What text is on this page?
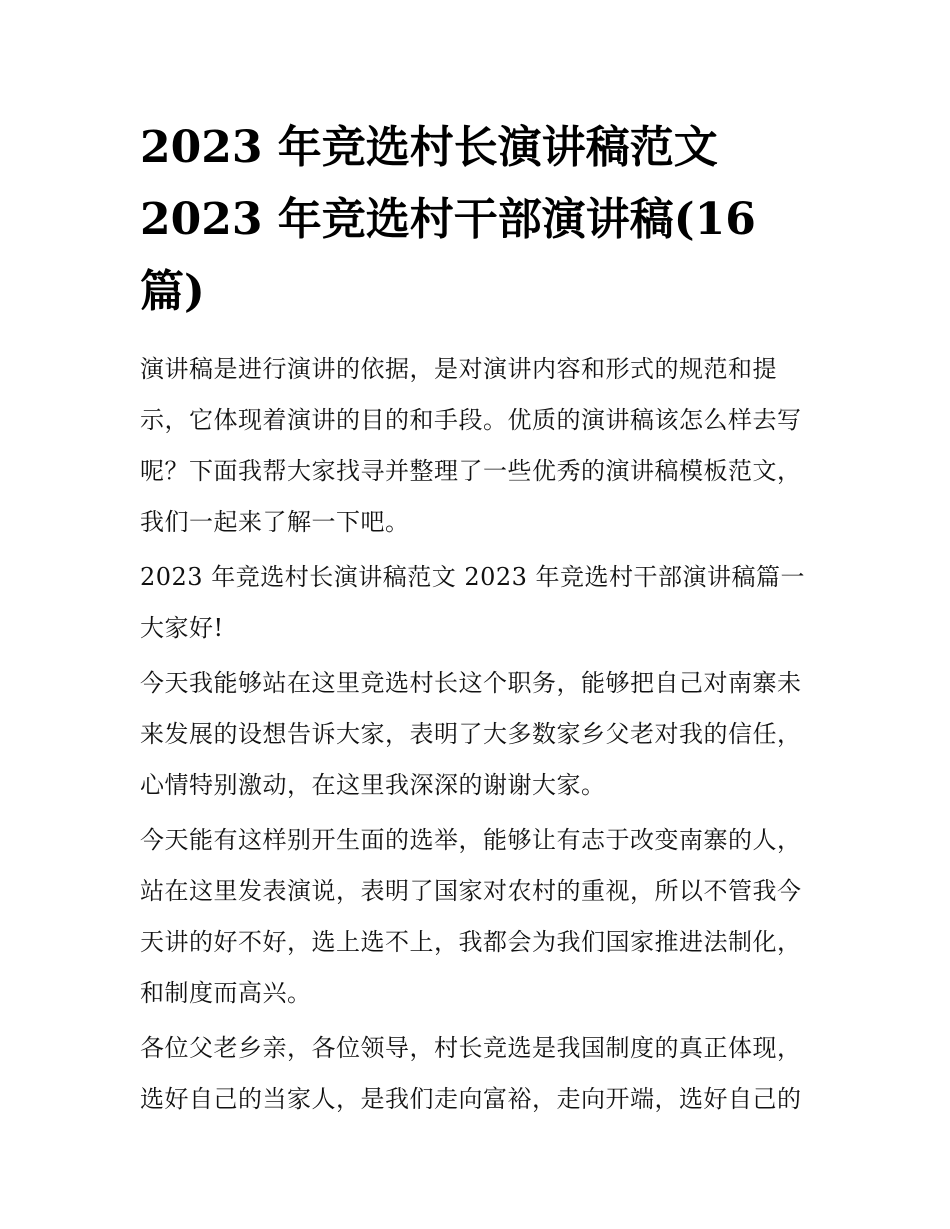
2023 年竞选村长演讲稿范文 2023 年竞选村干部演讲稿(16 篇)

演讲稿是进行演讲的依据，是对演讲内容和形式的规范和提示，它体现着演讲的目的和手段。优质的演讲稿该怎么样去写呢？下面我帮大家找寻并整理了一些优秀的演讲稿模板范文，我们一起来了解一下吧。

2023 年竞选村长演讲稿范文 2023 年竞选村干部演讲稿篇一 大家好!

今天我能够站在这里竞选村长这个职务，能够把自己对南寨未来发展的设想告诉大家，表明了大多数家乡父老对我的信任，心情特别激动，在这里我深深的谢谢大家。

今天能有这样别开生面的选举，能够让有志于改变南寨的人，站在这里发表演说，表明了国家对农村的重视，所以不管我今天讲的好不好，选上选不上，我都会为我们国家推进法制化，和制度而高兴。

各位父老乡亲，各位领导，村长竞选是我国制度的真正体现，选好自己的当家人，是我们走向富裕，走向开端，选好自己的
